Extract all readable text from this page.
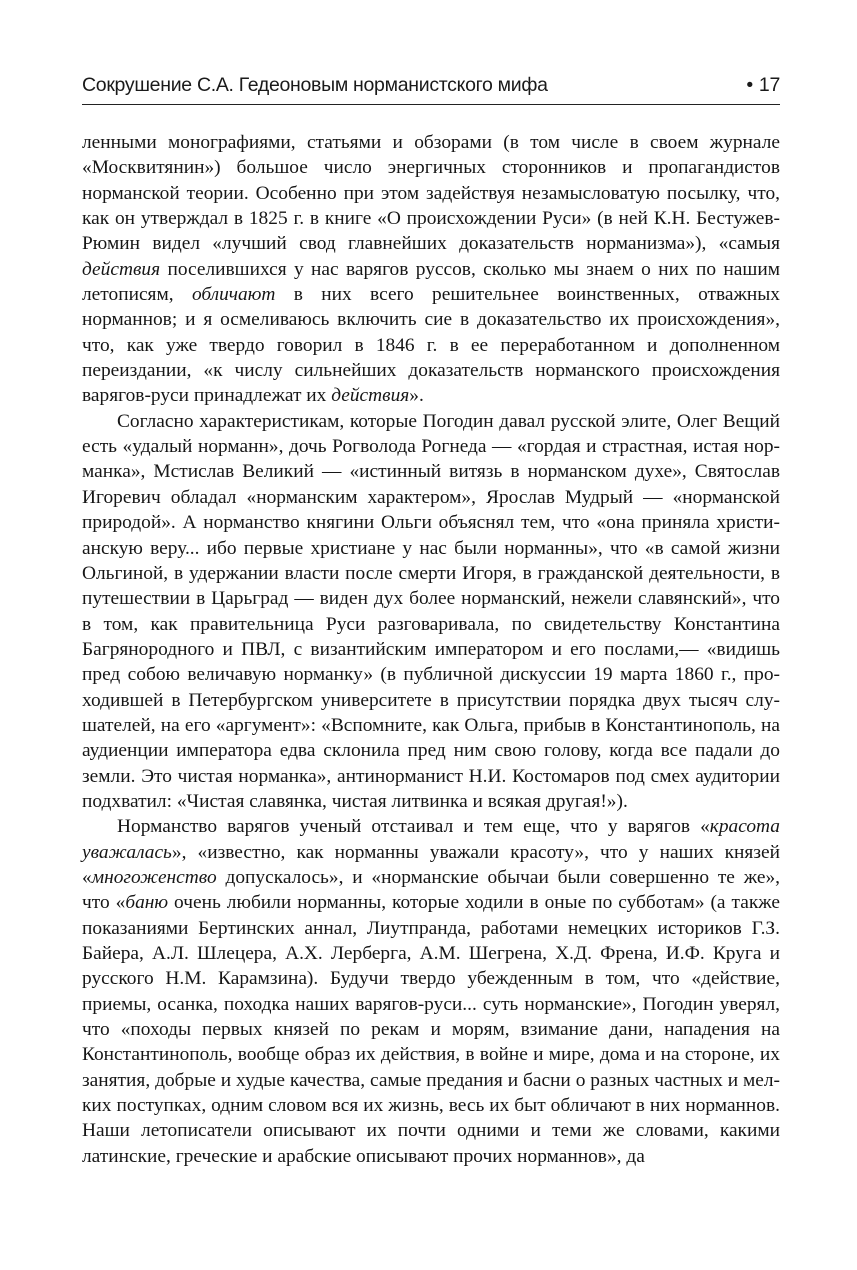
Сокрушение С.А. Гедеоновым норманистского мифа	• 17

ленными монографиями, статьями и обзорами (в том числе в своем журнале «Москвитянин») большое число энергичных сторонников и пропагандистов норманской теории. Особенно при этом задействуя незамысловатую посылку, что, как он утверждал в 1825 г. в книге «О происхождении Руси» (в ней К.Н. Бестужев-Рюмин видел «лучший свод главнейших доказательств норманизма»), «самыя действия поселившихся у нас варягов руссов, сколько мы знаем о них по нашим летописям, обличают в них всего решительнее воинственных, отважных норманнов; и я осмеливаюсь включить сие в доказательство их происхождения», что, как уже твердо говорил в 1846 г. в ее переработанном и дополненном переиздании, «к числу сильнейших доказательств норманского происхождения варягов-руси принадлежат их действия».

Согласно характеристикам, которые Погодин давал русской элите, Олег Вещий есть «удалый норманн», дочь Рогволода Рогнеда — «гордая и страстная, истая норманка», Мстислав Великий — «истинный витязь в норманском духе», Святослав Игоревич обладал «норманским характером», Ярослав Мудрый — «норманской природой». А норманство княгини Ольги объяснял тем, что «она приняла христианскую веру... ибо первые христиане у нас были норманны», что «в самой жизни Ольгиной, в удержании власти после смерти Игоря, в гражданской деятельности, в путешествии в Царьград — виден дух более норманский, нежели славянский», что в том, как правительница Руси разговаривала, по свидетельству Константина Багрянородного и ПВЛ, с византийским императором и его послами,— «видишь пред собою величавую норманку» (в публичной дискуссии 19 марта 1860 г., проходившей в Петербургском университете в присутствии порядка двух тысяч слушателей, на его «аргумент»: «Вспомните, как Ольга, прибыв в Константинополь, на аудиенции императора едва склонила пред ним свою голову, когда все падали до земли. Это чистая норманка», антинорманист Н.И. Костомаров под смех аудитории подхватил: «Чистая славянка, чистая литвинка и всякая другая!»).

Норманство варягов ученый отстаивал и тем еще, что у варягов «красота уважалась», «известно, как норманны уважали красоту», что у наших князей «многоженство допускалось», и «норманские обычаи были совершенно те же», что «баню очень любили норманны, которые ходили в оные по субботам» (а также показаниями Бертинских аннал, Лиутпранда, работами немецких историков Г.З. Байера, А.Л. Шлецера, А.Х. Лерберга, А.М. Шегрена, Х.Д. Френа, И.Ф. Круга и русского Н.М. Карамзина). Будучи твердо убежденным в том, что «действие, приемы, осанка, походка наших варягов-руси... суть норманские», Погодин уверял, что «походы первых князей по рекам и морям, взимание дани, нападения на Константинополь, вообще образ их действия, в войне и мире, дома и на стороне, их занятия, добрые и худые качества, самые предания и басни о разных частных и мелких поступках, одним словом вся их жизнь, весь их быт обличают в них норманнов. Наши летописатели описывают их почти одними и теми же словами, какими латинские, греческие и арабские описывают прочих норманнов», да
